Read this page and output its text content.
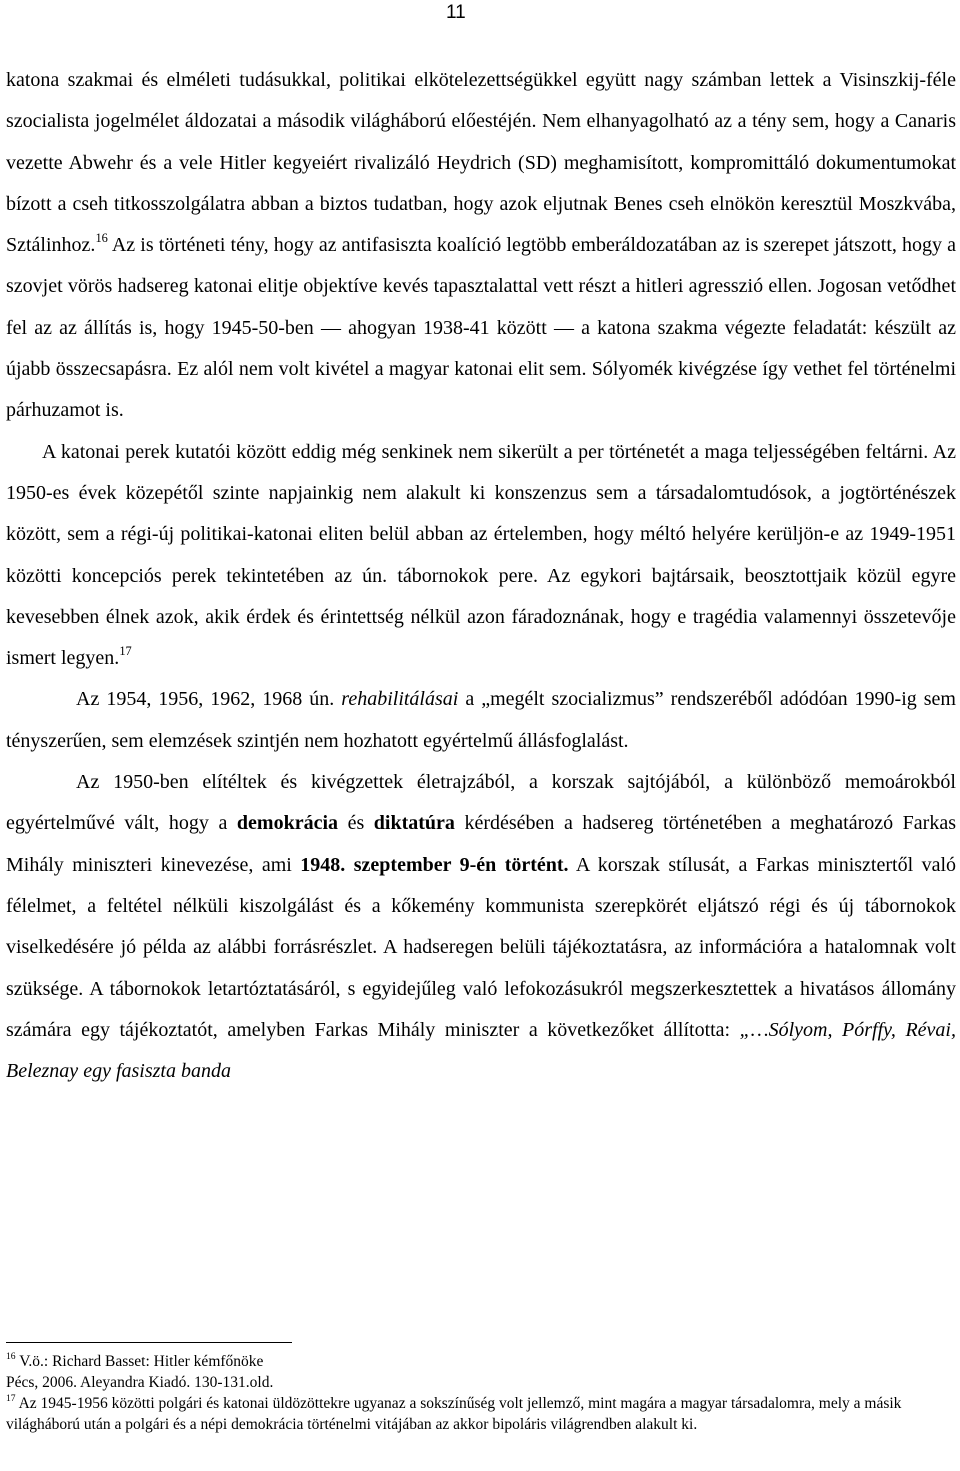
11

katona szakmai és elméleti tudásukkal, politikai elkötelezettségükkel együtt nagy számban lettek a Visinszkij-féle szocialista jogelmélet áldozatai a második világháború előestéjén. Nem elhanyagolható az a tény sem, hogy a Canaris vezette Abwehr és a vele Hitler kegyeiért rivalizáló Heydrich (SD) meghamisított, kompromittáló dokumentumokat bízott a cseh titkosszolgálatra abban a biztos tudatban, hogy azok eljutnak Benes cseh elnökön keresztül Moszkvába, Sztálinhoz.$^{16}$ Az is történeti tény, hogy az antifasiszta koalíció legtöbb emberáldozatában az is szerepet játszott, hogy a szovjet vörös hadsereg katonai elitje objektíve kevés tapasztalattal vett részt a hitleri agresszió ellen. Jogosan vetődhet fel az az állítás is, hogy 1945-50-ben ― ahogyan 1938-41 között ― a katona szakma végezte feladatát: készült az újabb összecsapásra. Ez alól nem volt kivétel a magyar katonai elit sem. Sólyomék kivégzése így vethet fel történelmi párhuzamot is.

A katonai perek kutatói között eddig még senkinek nem sikerült a per történetét a maga teljességében feltárni. Az 1950-es évek közepétől szinte napjainkig nem alakult ki konszenzus sem a társadalomtudósok, a jogtörténészek között, sem a régi-új politikai-katonai eliten belül abban az értelemben, hogy méltó helyére kerüljön-e az 1949-1951 közötti koncepciós perek tekintetében az ún. tábornokok pere. Az egykori bajtársaik, beosztottjaik közül egyre kevesebben élnek azok, akik érdek és érintettség nélkül azon fáradoznának, hogy e tragédia valamennyi összetevője ismert legyen.$^{17}$

Az 1954, 1956, 1962, 1968 ún. rehabilitálásai a „megélt szocializmus” rendszeréből adódóan 1990-ig sem tényszerűen, sem elemzések szintjén nem hozhatott egyértelmű állásfoglalást.

Az 1950-ben elítéltek és kivégzettek életrajzából, a korszak sajtójából, a különböző memoárokból egyértelművé vált, hogy a demokrácia és diktatúra kérdésében a hadsereg történetében a meghatározó Farkas Mihály miniszteri kinevezése, ami 1948. szeptember 9-én történt. A korszak stílusát, a Farkas minisztertől való félelmet, a feltétel nélküli kiszolgálást és a kőkemény kommunista szerepkörét eljátszó régi és új tábornokok viselkedésére jó példa az alábbi forrásrészlet. A hadseregen belüli tájékoztatásra, az információra a hatalomnak volt szüksége. A tábornokok letartóztatásáról, s egyidejűleg való lefokozásukról megszerkesztettek a hivatásos állomány számára egy tájékoztatót, amelyben Farkas Mihály miniszter a következőket állította: „…Sólyom, Pórffy, Révai, Beleznay egy fasiszta banda

$^{16}$ V.ö.: Richard Basset: Hitler kémfőnöke
Pécs, 2006. Aleyandra Kiadó. 130-131.old.

$^{17}$ Az 1945-1956 közötti polgári és katonai üldözöttekre ugyanaz a sokszínűség volt jellemző, mint magára a magyar társadalomra, mely a másik világháború után a polgári és a népi demokrácia történelmi vitájában az akkor bipoláris világrendben alakult ki.
